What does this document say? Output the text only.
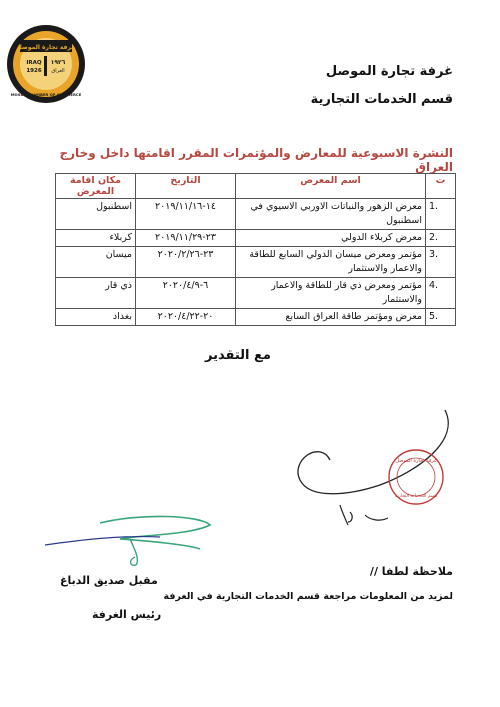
غرفة تجارة الموصل
١٩٢٦
العراق
IRAQ
1926
MOSUL CHAMBER OF COMMERCE
غرفة تجارة الموصل
قسم الخدمات التجارية
النشرة الاسبوعية للمعارض والمؤتمرات المقرر اقامتها داخل وخارج العراق
ت	اسم المعرض	التاريخ	مكان اقامة المعرض
1.	معرض الزهور والنباتات الاوربي الاسيوي في اسطنبول	١٤-٢٠١٩/١١/١٦	اسطنبول
2.	معرض كربلاء الدولي	٢٣-٢٠١٩/١١/٢٩	كربلاء
3.	مؤتمر ومعرض ميسان الدولي السابع للطاقة والاعمار والاستثمار	٢٣-٢٠٢٠/٢/٢٦	ميسان
4.	مؤتمر ومعرض ذي قار للطاقة والاعمار والاستثمار	٦-٢٠٢٠/٤/٩	ذي قار
5.	معرض ومؤتمر طاقة العراق السابع	٢٠-٢٠٢٠/٤/٢٢	بغداد
مع التقدير
غرفة تجارة الموصل
قسم الخدمات التجارية
ملاحظة لطفا //
لمزيد من المعلومات مراجعة قسم الخدمات التجارية في الغرفة
مقبل صديق الدباغ
رئيس الغرفة
